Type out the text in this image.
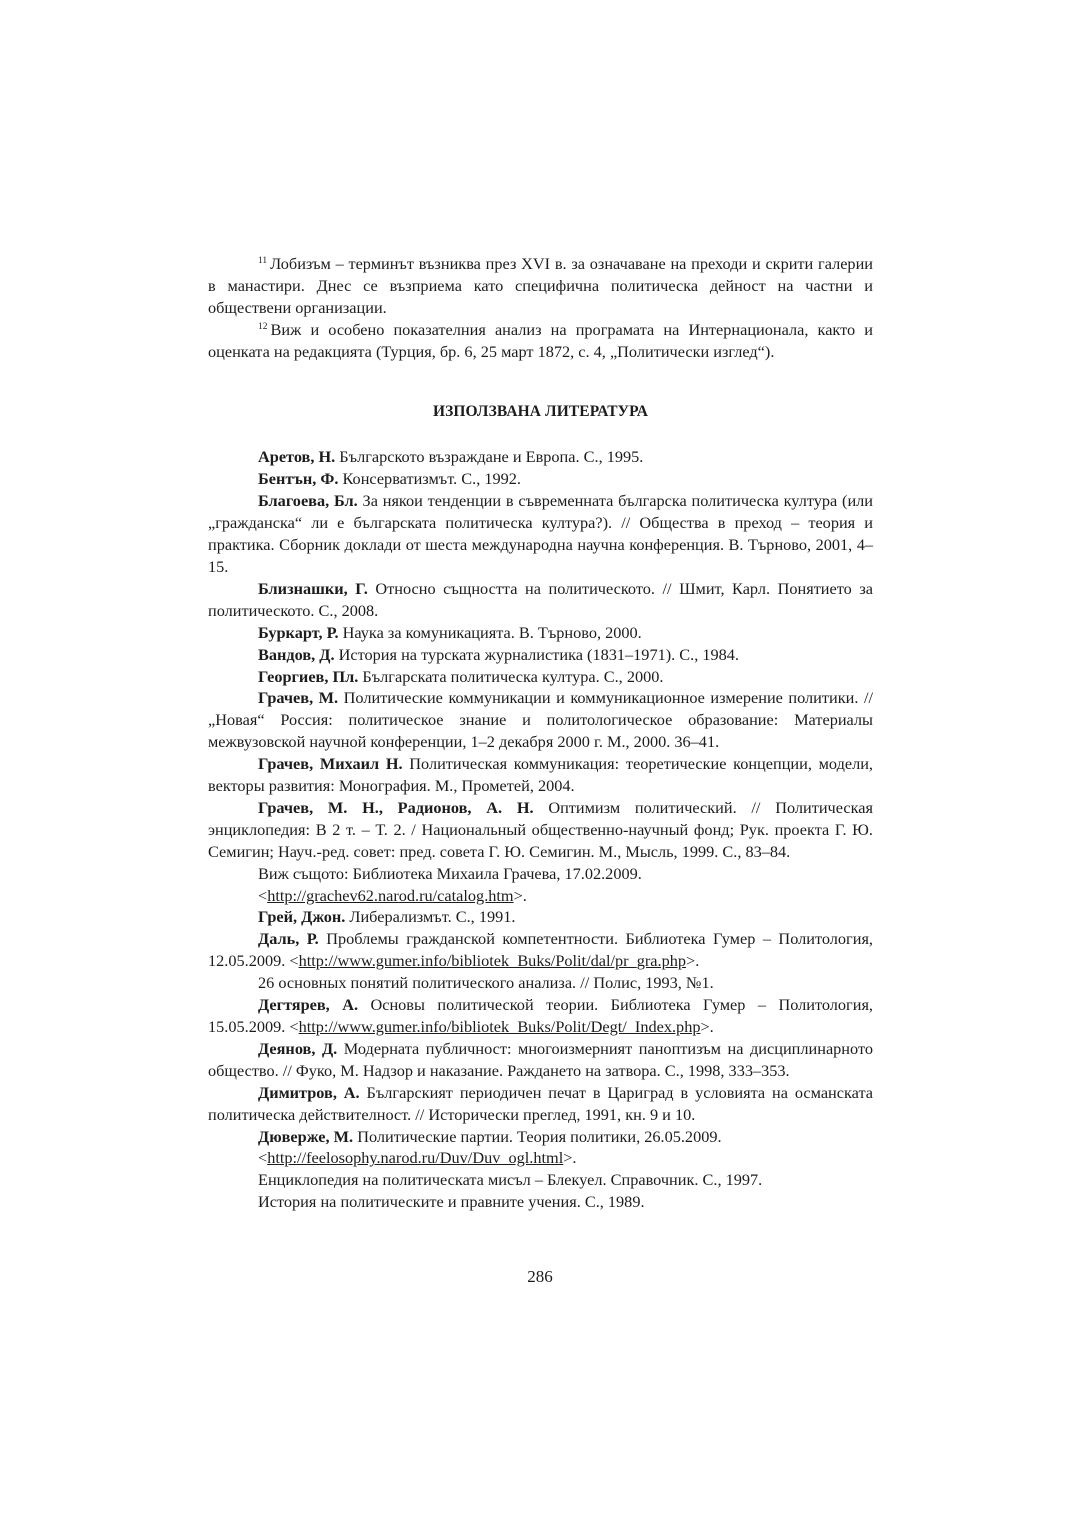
$^{11}$ Лобизъм – терминът възниква през XVI в. за означаване на преходи и скрити галерии в манастири. Днес се възприема като специфична политическа дейност на частни и обществени организации.

$^{12}$ Виж и особено показателния анализ на програмата на Интернационала, както и оценката на редакцията (Турция, бр. 6, 25 март 1872, с. 4, „Политически изглед“).

ИЗПОЛЗВАНА ЛИТЕРАТУРА

Аретов, Н. Българското възраждане и Европа. С., 1995.

Бентън, Ф. Консерватизмът. С., 1992.

Благоева, Бл. За някои тенденции в съвременната българска политическа култура (или „гражданска“ ли е българската политическа култура?). // Общества в преход – теория и практика. Сборник доклади от шеста международна научна конференция. В. Търново, 2001, 4–15.

Близнашки, Г. Относно същността на политическото. // Шмит, Карл. Понятието за политическото. С., 2008.

Буркарт, Р. Наука за комуникацията. В. Търново, 2000.

Вандов, Д. История на турската журналистика (1831–1971). С., 1984.

Георгиев, Пл. Българската политическа култура. С., 2000.

Грачев, М. Политические коммуникации и коммуникационное измерение политики. // „Новая“ Россия: политическое знание и политологическое образование: Материалы межвузовской научной конференции, 1–2 декабря 2000 г. М., 2000. 36–41.

Грачев, Михаил Н. Политическая коммуникация: теоретические концепции, модели, векторы развития: Монография. М., Прометей, 2004.

Грачев, М. Н., Радионов, А. Н. Оптимизм политический. // Политическая энциклопедия: В 2 т. – Т. 2. / Национальный общественно-научный фонд; Рук. проекта Г. Ю. Семигин; Науч.-ред. совет: пред. совета Г. Ю. Семигин. М., Мысль, 1999. С., 83–84.

Виж същото: Библиотека Михаила Грачева, 17.02.2009.

<http://grachev62.narod.ru/catalog.htm>.

Грей, Джон. Либерализмът. С., 1991.

Даль, Р. Проблемы гражданской компетентности. Библиотека Гумер – Политология, 12.05.2009. <http://www.gumer.info/bibliotek_Buks/Polit/dal/pr_gra.php>.

26 основных понятий политического анализа. // Полис, 1993, №1.

Дегтярев, А. Основы политической теории. Библиотека Гумер – Политология, 15.05.2009. <http://www.gumer.info/bibliotek_Buks/Polit/Degt/_Index.php>.

Деянов, Д. Модерната публичност: многоизмерният паноптизъм на дисциплинарното общество. // Фуко, М. Надзор и наказание. Раждането на затвора. С., 1998, 333–353.

Димитров, А. Българският периодичен печат в Цариград в условията на османската политическа действителност. // Исторически преглед, 1991, кн. 9 и 10.

Дюверже, М. Политические партии. Теория политики, 26.05.2009.

<http://feelosophy.narod.ru/Duv/Duv_ogl.html>.

Енциклопедия на политическата мисъл – Блекуел. Справочник. С., 1997.

История на политическите и правните учения. С., 1989.

286
